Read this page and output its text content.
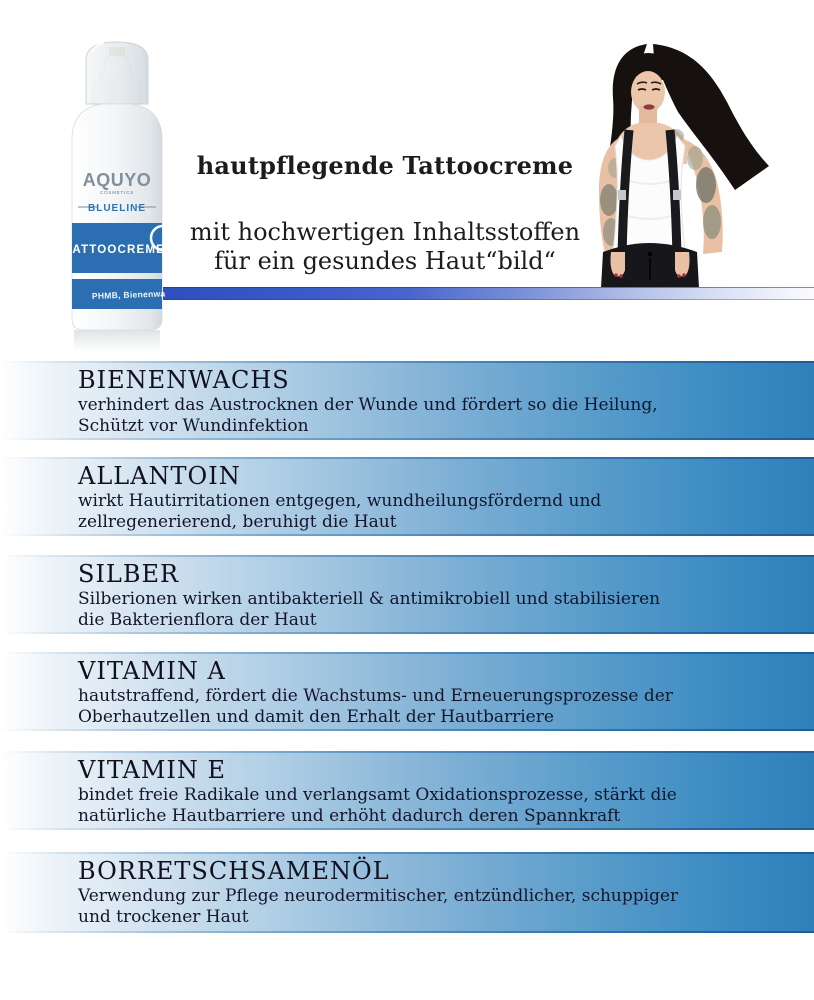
AQUYO
COSMETICS
BLUELINE
TATTOOCREME
PHMB, Bienenwa
hautpflegende Tattoocreme

mit hochwertigen Inhaltsstoffen
für ein gesundes Haut“bild“

BIENENWACHS

verhindert das Austrocknen der Wunde und fördert so die Heilung,

Schützt vor Wundinfektion

ALLANTOIN

wirkt Hautirritationen entgegen, wundheilungsfördernd und

zellregenerierend, beruhigt die Haut

SILBER

Silberionen wirken antibakteriell & antimikrobiell und stabilisieren

die Bakterienflora der Haut

VITAMIN A

hautstraffend, fördert die Wachstums- und Erneuerungsprozesse der

Oberhautzellen und damit den Erhalt der Hautbarriere

VITAMIN E

bindet freie Radikale und verlangsamt Oxidationsprozesse, stärkt die

natürliche Hautbarriere und erhöht dadurch deren Spannkraft

BORRETSCHSAMENÖL

Verwendung zur Pflege neurodermitischer, entzündlicher, schuppiger

und trockener Haut
